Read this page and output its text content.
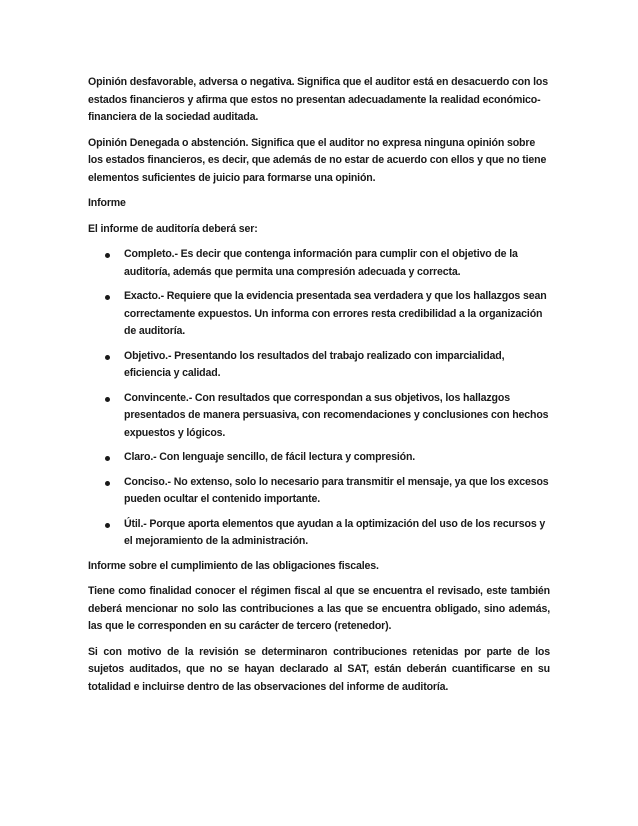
Opinión desfavorable, adversa o negativa. Significa que el auditor está en desacuerdo con los estados financieros y afirma que estos no presentan adecuadamente la realidad económico-financiera de la sociedad auditada.

Opinión Denegada o abstención. Significa que el auditor no expresa ninguna opinión sobre los estados financieros, es decir, que además de no estar de acuerdo con ellos y que no tiene elementos suficientes de juicio para formarse una opinión.

Informe

El informe de auditoría deberá ser:

Completo.- Es decir que contenga información para cumplir con el objetivo de la auditoría, además que permita una compresión adecuada y correcta.
Exacto.- Requiere que la evidencia presentada sea verdadera y que los hallazgos sean correctamente expuestos. Un informa con errores resta credibilidad a la organización de auditoría.
Objetivo.- Presentando los resultados del trabajo realizado con imparcialidad, eficiencia y calidad.
Convincente.- Con resultados que correspondan a sus objetivos, los hallazgos presentados de manera persuasiva, con recomendaciones y conclusiones con hechos expuestos y lógicos.
Claro.- Con lenguaje sencillo, de fácil lectura y compresión.
Conciso.- No extenso, solo lo necesario para transmitir el mensaje, ya que los excesos pueden ocultar el contenido importante.
Útil.- Porque aporta elementos que ayudan a la optimización del uso de los recursos y el mejoramiento de la administración.

Informe sobre el cumplimiento de las obligaciones fiscales.

Tiene como finalidad conocer el régimen fiscal al que se encuentra el revisado, este también deberá mencionar no solo las contribuciones a las que se encuentra obligado, sino además, las que le corresponden en su carácter de tercero (retenedor).

Si con motivo de la revisión se determinaron contribuciones retenidas por parte de los sujetos auditados, que no se hayan declarado al SAT, están deberán cuantificarse en su totalidad e incluirse dentro de las observaciones del informe de auditoría.
